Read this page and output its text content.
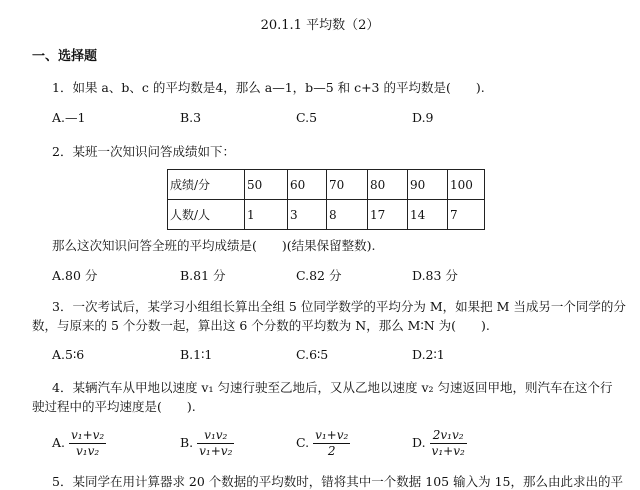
20.1.1 平均数（2）
一、选择题
1．如果 a、b、c 的平均数是4，那么 a—1，b—5 和 c+3 的平均数是(　　).
A.—1	B.3	C.5	D.9
2．某班一次知识问答成绩如下：
成绩/分	50	60	70	80	90	100
人数/人	1	3	8	17	14	7
那么这次知识问答全班的平均成绩是(　　)(结果保留整数).
A.80 分	B.81 分	C.82 分	D.83 分
3．一次考试后，某学习小组组长算出全组 5 位同学数学的平均分为 M，如果把 M 当成另一个同学的分
数，与原来的 5 个分数一起，算出这 6 个分数的平均数为 N，那么 M∶N 为(　　).
A.5∶6	B.1∶1	C.6∶5	D.2∶1
4．某辆汽车从甲地以速度 v₁ 匀速行驶至乙地后，又从乙地以速度 v₂ 匀速返回甲地，则汽车在这个行
驶过程中的平均速度是(　　).
A. $\frac{\text{v₁+v₂}}{\text{v₁v₂}}$	B. $\frac{\text{v₁v₂}}{\text{v₁+v₂}}$	C. $\frac{\text{v₁+v₂}}{2}$	D. $\frac{\text{2v₁v₂}}{\text{v₁+v₂}}$
5．某同学在用计算器求 20 个数据的平均数时，错将其中一个数据 105 输入为 15，那么由此求出的平
